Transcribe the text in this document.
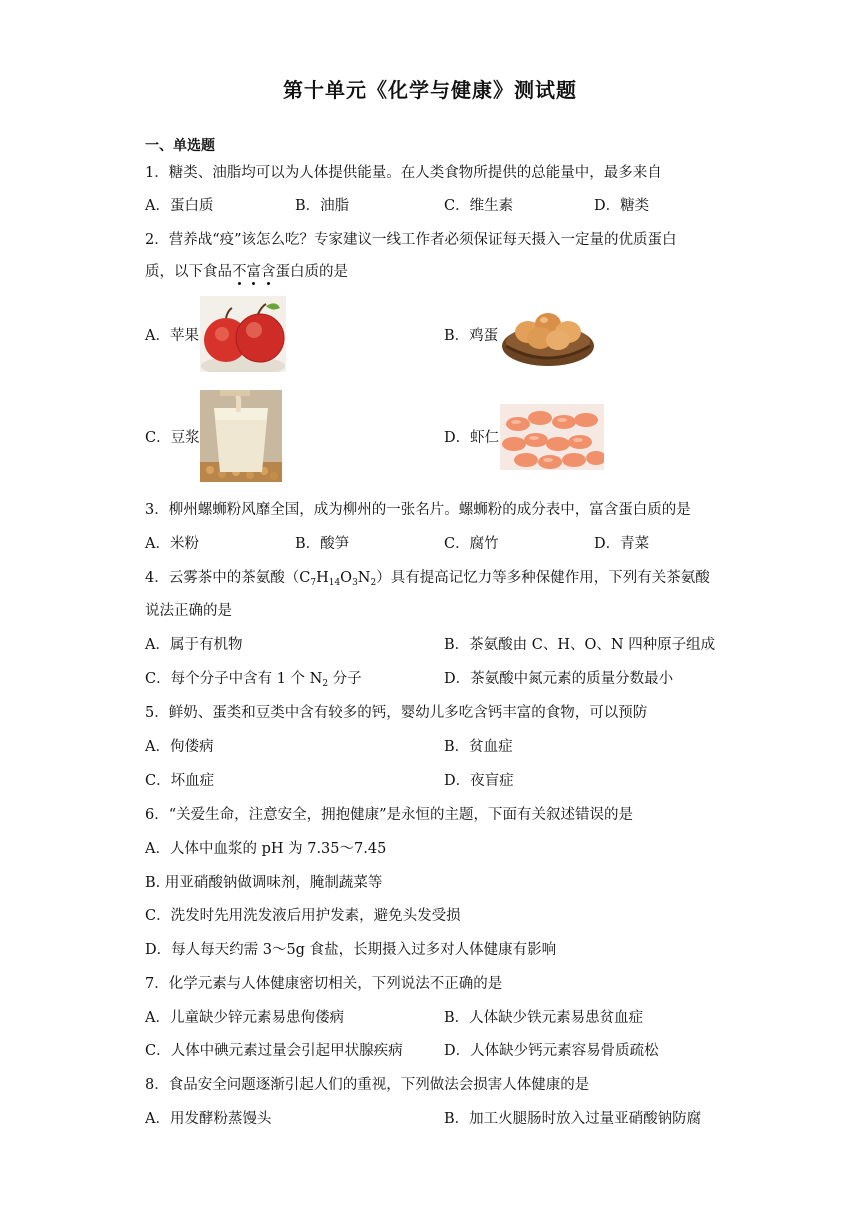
第十单元《化学与健康》测试题
一、单选题
1．糖类、油脂均可以为人体提供能量。在人类食物所提供的总能量中，最多来自
A．蛋白质	B．油脂	C．维生素	D．糖类
2．营养战“疫”该怎么吃？专家建议一线工作者必须保证每天摄入一定量的优质蛋白
质，以下食品不富含蛋白质的是
A．苹果	B．鸡蛋
C．豆浆	D．虾仁
3．柳州螺蛳粉风靡全国，成为柳州的一张名片。螺蛳粉的成分表中，富含蛋白质的是
A．米粉	B．酸笋	C．腐竹	D．青菜
4．云雾茶中的茶氨酸$(C_7H_{14}O_3N_2)$具有提高记忆力等多种保健作用，下列有关茶氨酸
说法正确的是
A．属于有机物	B．茶氨酸由 C、H、O、N 四种原子组成
C．每个分子中含有 1 个 $N_2$ 分子	D．茶氨酸中氮元素的质量分数最小
5．鲜奶、蛋类和豆类中含有较多的钙，婴幼儿多吃含钙丰富的食物，可以预防
A．佝偻病	B．贫血症
C．坏血症	D．夜盲症
6．“关爱生命，注意安全，拥抱健康”是永恒的主题，下面有关叙述错误的是
A．人体中血浆的 pH 为 7.35～7.45
B. 用亚硝酸钠做调味剂，腌制蔬菜等
C．洗发时先用洗发液后用护发素，避免头发受损
D．每人每天约需 3～5g 食盐，长期摄入过多对人体健康有影响
7．化学元素与人体健康密切相关，下列说法不正确的是
A．儿童缺少锌元素易患佝偻病	B．人体缺少铁元素易患贫血症
C．人体中碘元素过量会引起甲状腺疾病	D．人体缺少钙元素容易骨质疏松
8．食品安全问题逐渐引起人们的重视，下列做法会损害人体健康的是
A．用发酵粉蒸馒头	B．加工火腿肠时放入过量亚硝酸钠防腐
